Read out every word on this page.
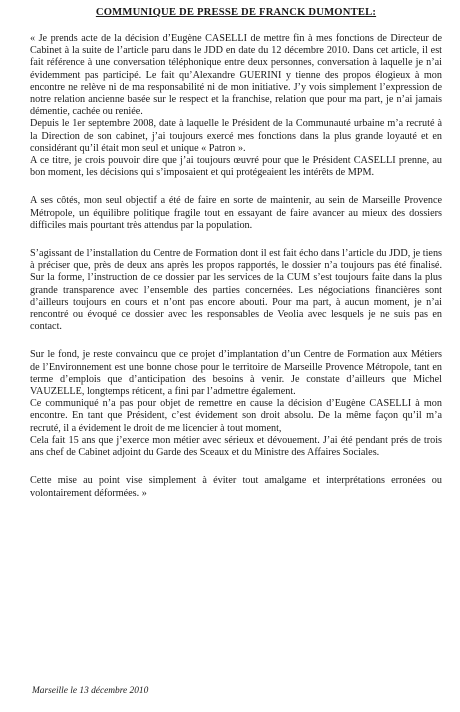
COMMUNIQUE DE PRESSE DE FRANCK DUMONTEL:

« Je prends acte de la décision d’Eugène CASELLI de mettre fin à mes fonctions de Directeur de Cabinet à la suite de l’article paru dans le JDD en date du 12 décembre 2010. Dans cet article, il est fait référence à une conversation téléphonique entre deux personnes, conversation à laquelle je n’ai évidemment pas participé. Le fait qu’Alexandre GUERINI y tienne des propos élogieux à mon encontre ne relève ni de ma responsabilité ni de mon initiative. J’y vois simplement l’expression de notre relation ancienne basée sur le respect et la franchise, relation que pour ma part, je n’ai jamais démentie, cachée ou reniée.

Depuis le 1er septembre 2008, date à laquelle le Président de la Communauté urbaine m’a recruté à la Direction de son cabinet, j’ai toujours exercé mes fonctions dans la plus grande loyauté et en considérant qu’il était mon seul et unique « Patron ».

A ce titre, je crois pouvoir dire que j’ai toujours œuvré pour que le Président CASELLI prenne, au bon moment, les décisions qui s’imposaient et qui protégeaient les intérêts de MPM.

A ses côtés, mon seul objectif a été de faire en sorte de maintenir, au sein de Marseille Provence Métropole, un équilibre politique fragile tout en essayant de faire avancer au mieux des dossiers difficiles mais pourtant très attendus par la population.

S’agissant de l’installation du Centre de Formation dont il est fait écho dans l’article du JDD, je tiens à préciser que, près de deux ans après les propos rapportés, le dossier n’a toujours pas été finalisé. Sur la forme, l’instruction de ce dossier par les services de la CUM s’est toujours faite dans la plus grande transparence avec l’ensemble des parties concernées. Les négociations financières sont d’ailleurs toujours en cours et n’ont pas encore abouti. Pour ma part, à aucun moment, je n’ai rencontré ou évoqué ce dossier avec les responsables de Veolia avec lesquels je ne suis pas en contact.

Sur le fond, je reste convaincu que ce projet d’implantation d’un Centre de Formation aux Métiers de l’Environnement est une bonne chose pour le territoire de Marseille Provence Métropole, tant en terme d’emplois que d’anticipation des besoins à venir. Je constate d’ailleurs que Michel VAUZELLE, longtemps réticent, a fini par l’admettre également.

Ce communiqué n’a pas pour objet de remettre en cause la décision d’Eugène CASELLI à mon encontre. En tant que Président, c’est évidement son droit absolu. De la même façon qu’il m’a recruté, il a évidement le droit de me licencier à tout moment,

Cela fait 15 ans que j’exerce mon métier avec sérieux et dévouement. J’ai été pendant prés de trois ans chef de Cabinet adjoint du Garde des Sceaux et du Ministre des Affaires Sociales.

Cette mise au point vise simplement à éviter tout amalgame et interprétations erronées ou volontairement déformées. »

Marseille le 13 décembre 2010
